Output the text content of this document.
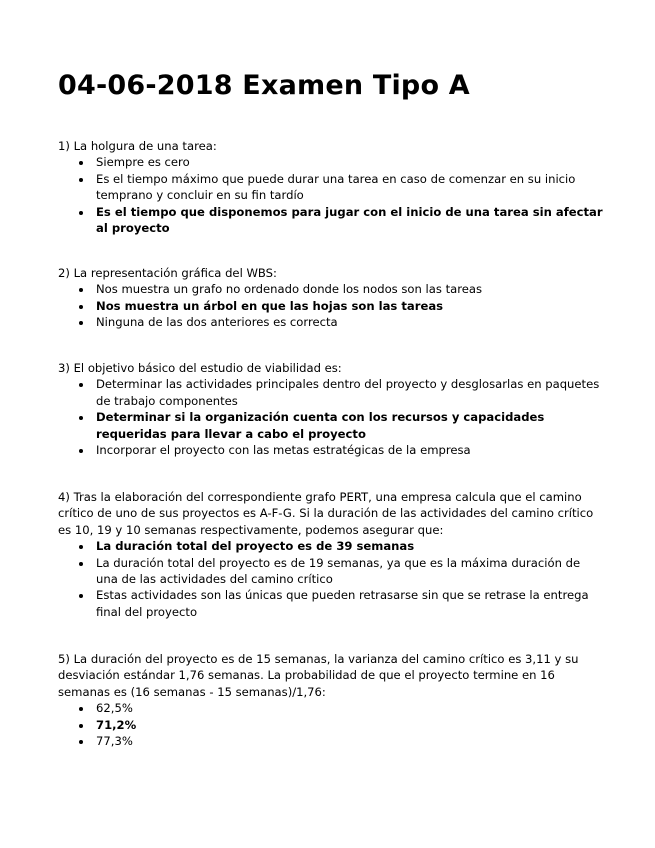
04-06-2018 Examen Tipo A

1) La holgura de una tarea:

Siempre es cero
Es el tiempo máximo que puede durar una tarea en caso de comenzar en su inicio temprano y concluir en su fin tardío
Es el tiempo que disponemos para jugar con el inicio de una tarea sin afectar al proyecto

2) La representación gráfica del WBS:

Nos muestra un grafo no ordenado donde los nodos son las tareas
Nos muestra un árbol en que las hojas son las tareas
Ninguna de las dos anteriores es correcta

3) El objetivo básico del estudio de viabilidad es:

Determinar las actividades principales dentro del proyecto y desglosarlas en paquetes de trabajo componentes
Determinar si la organización cuenta con los recursos y capacidades requeridas para llevar a cabo el proyecto
Incorporar el proyecto con las metas estratégicas de la empresa

4) Tras la elaboración del correspondiente grafo PERT, una empresa calcula que el camino crítico de uno de sus proyectos es A-F-G. Si la duración de las actividades del camino crítico es 10, 19 y 10 semanas respectivamente, podemos asegurar que:

La duración total del proyecto es de 39 semanas
La duración total del proyecto es de 19 semanas, ya que es la máxima duración de una de las actividades del camino crítico
Estas actividades son las únicas que pueden retrasarse sin que se retrase la entrega final del proyecto

5) La duración del proyecto es de 15 semanas, la varianza del camino crítico es 3,11 y su desviación estándar 1,76 semanas. La probabilidad de que el proyecto termine en 16 semanas es (16 semanas - 15 semanas)/1,76:

62,5%
71,2%
77,3%
